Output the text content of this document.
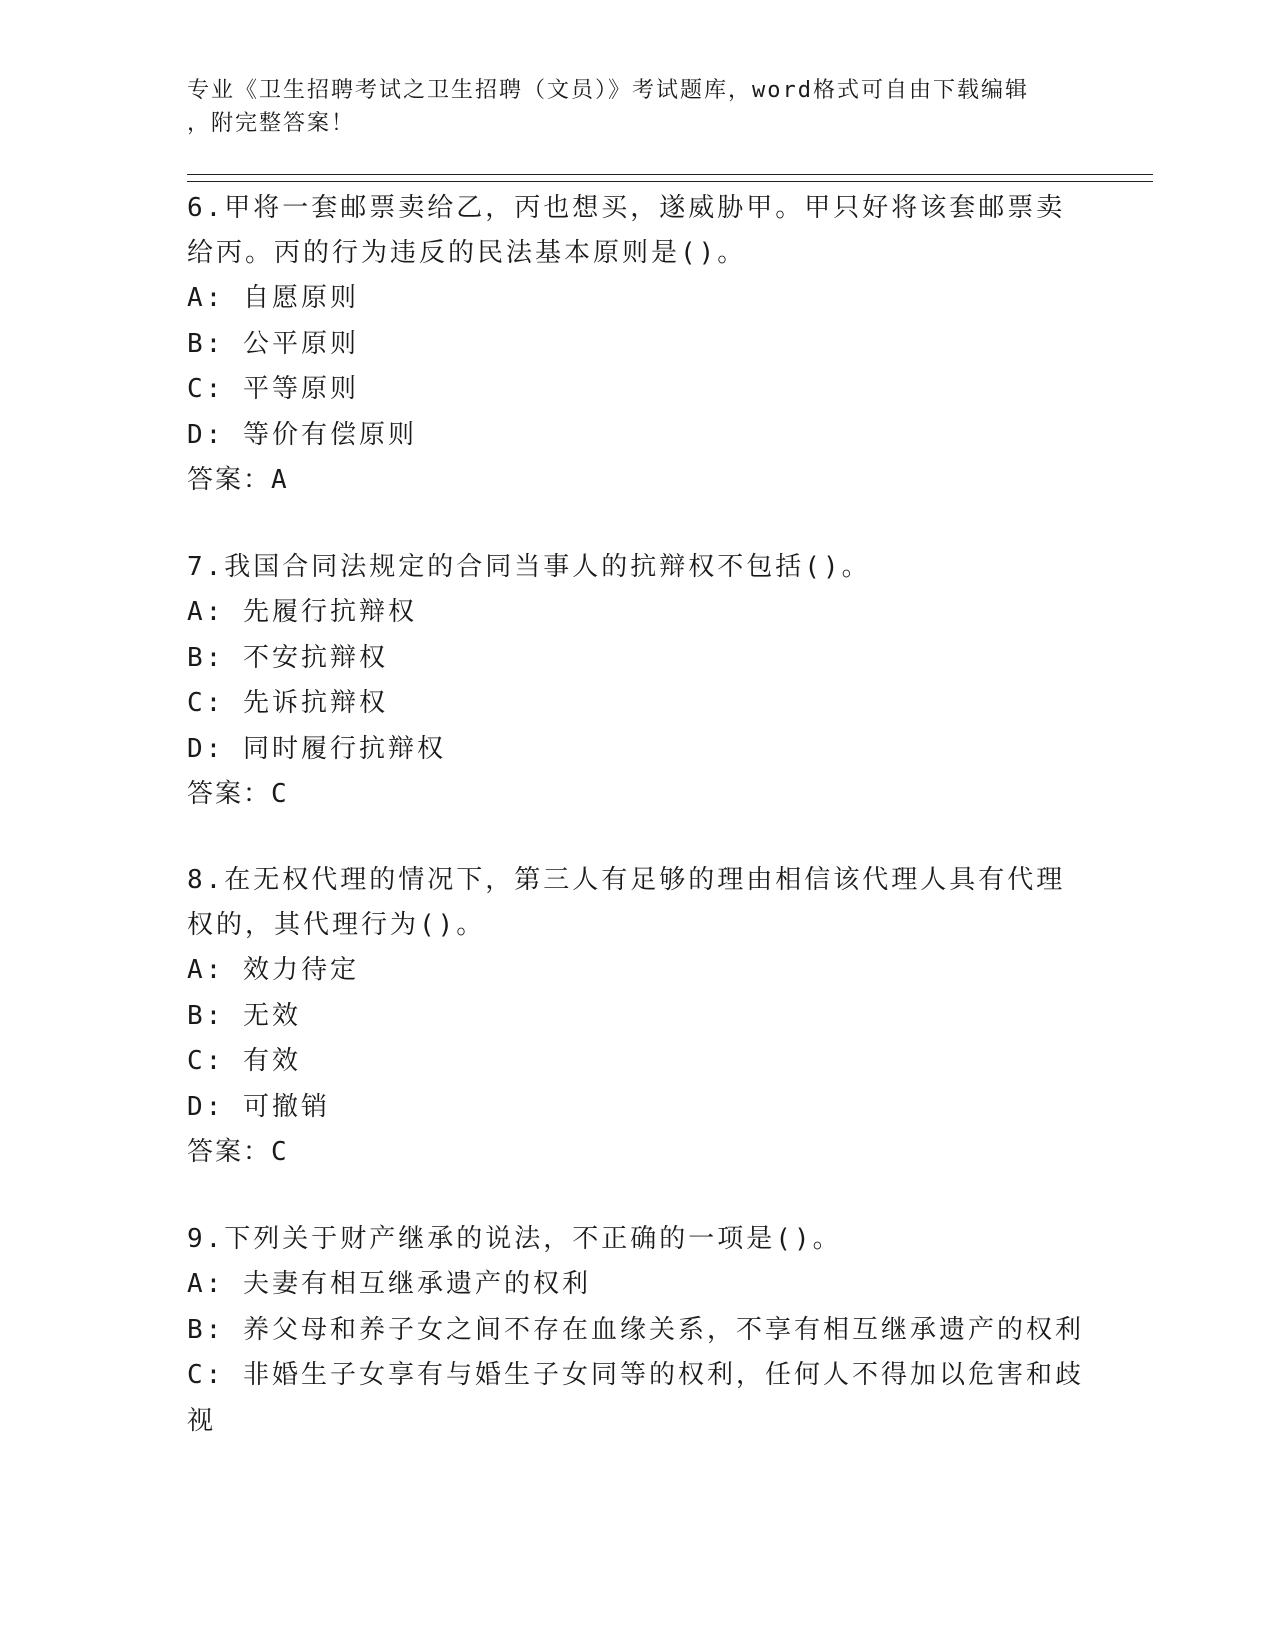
专业《卫生招聘考试之卫生招聘（文员）》考试题库，word格式可自由下载编辑
，附完整答案！
6.甲将一套邮票卖给乙，丙也想买，遂威胁甲。甲只好将该套邮票卖
给丙。丙的行为违反的民法基本原则是()。
A: 自愿原则
B: 公平原则
C: 平等原则
D: 等价有偿原则
答案：A
7.我国合同法规定的合同当事人的抗辩权不包括()。
A: 先履行抗辩权
B: 不安抗辩权
C: 先诉抗辩权
D: 同时履行抗辩权
答案：C
8.在无权代理的情况下，第三人有足够的理由相信该代理人具有代理
权的，其代理行为()。
A: 效力待定
B: 无效
C: 有效
D: 可撤销
答案：C
9.下列关于财产继承的说法，不正确的一项是()。
A: 夫妻有相互继承遗产的权利
B: 养父母和养子女之间不存在血缘关系，不享有相互继承遗产的权利
C: 非婚生子女享有与婚生子女同等的权利，任何人不得加以危害和歧
视
